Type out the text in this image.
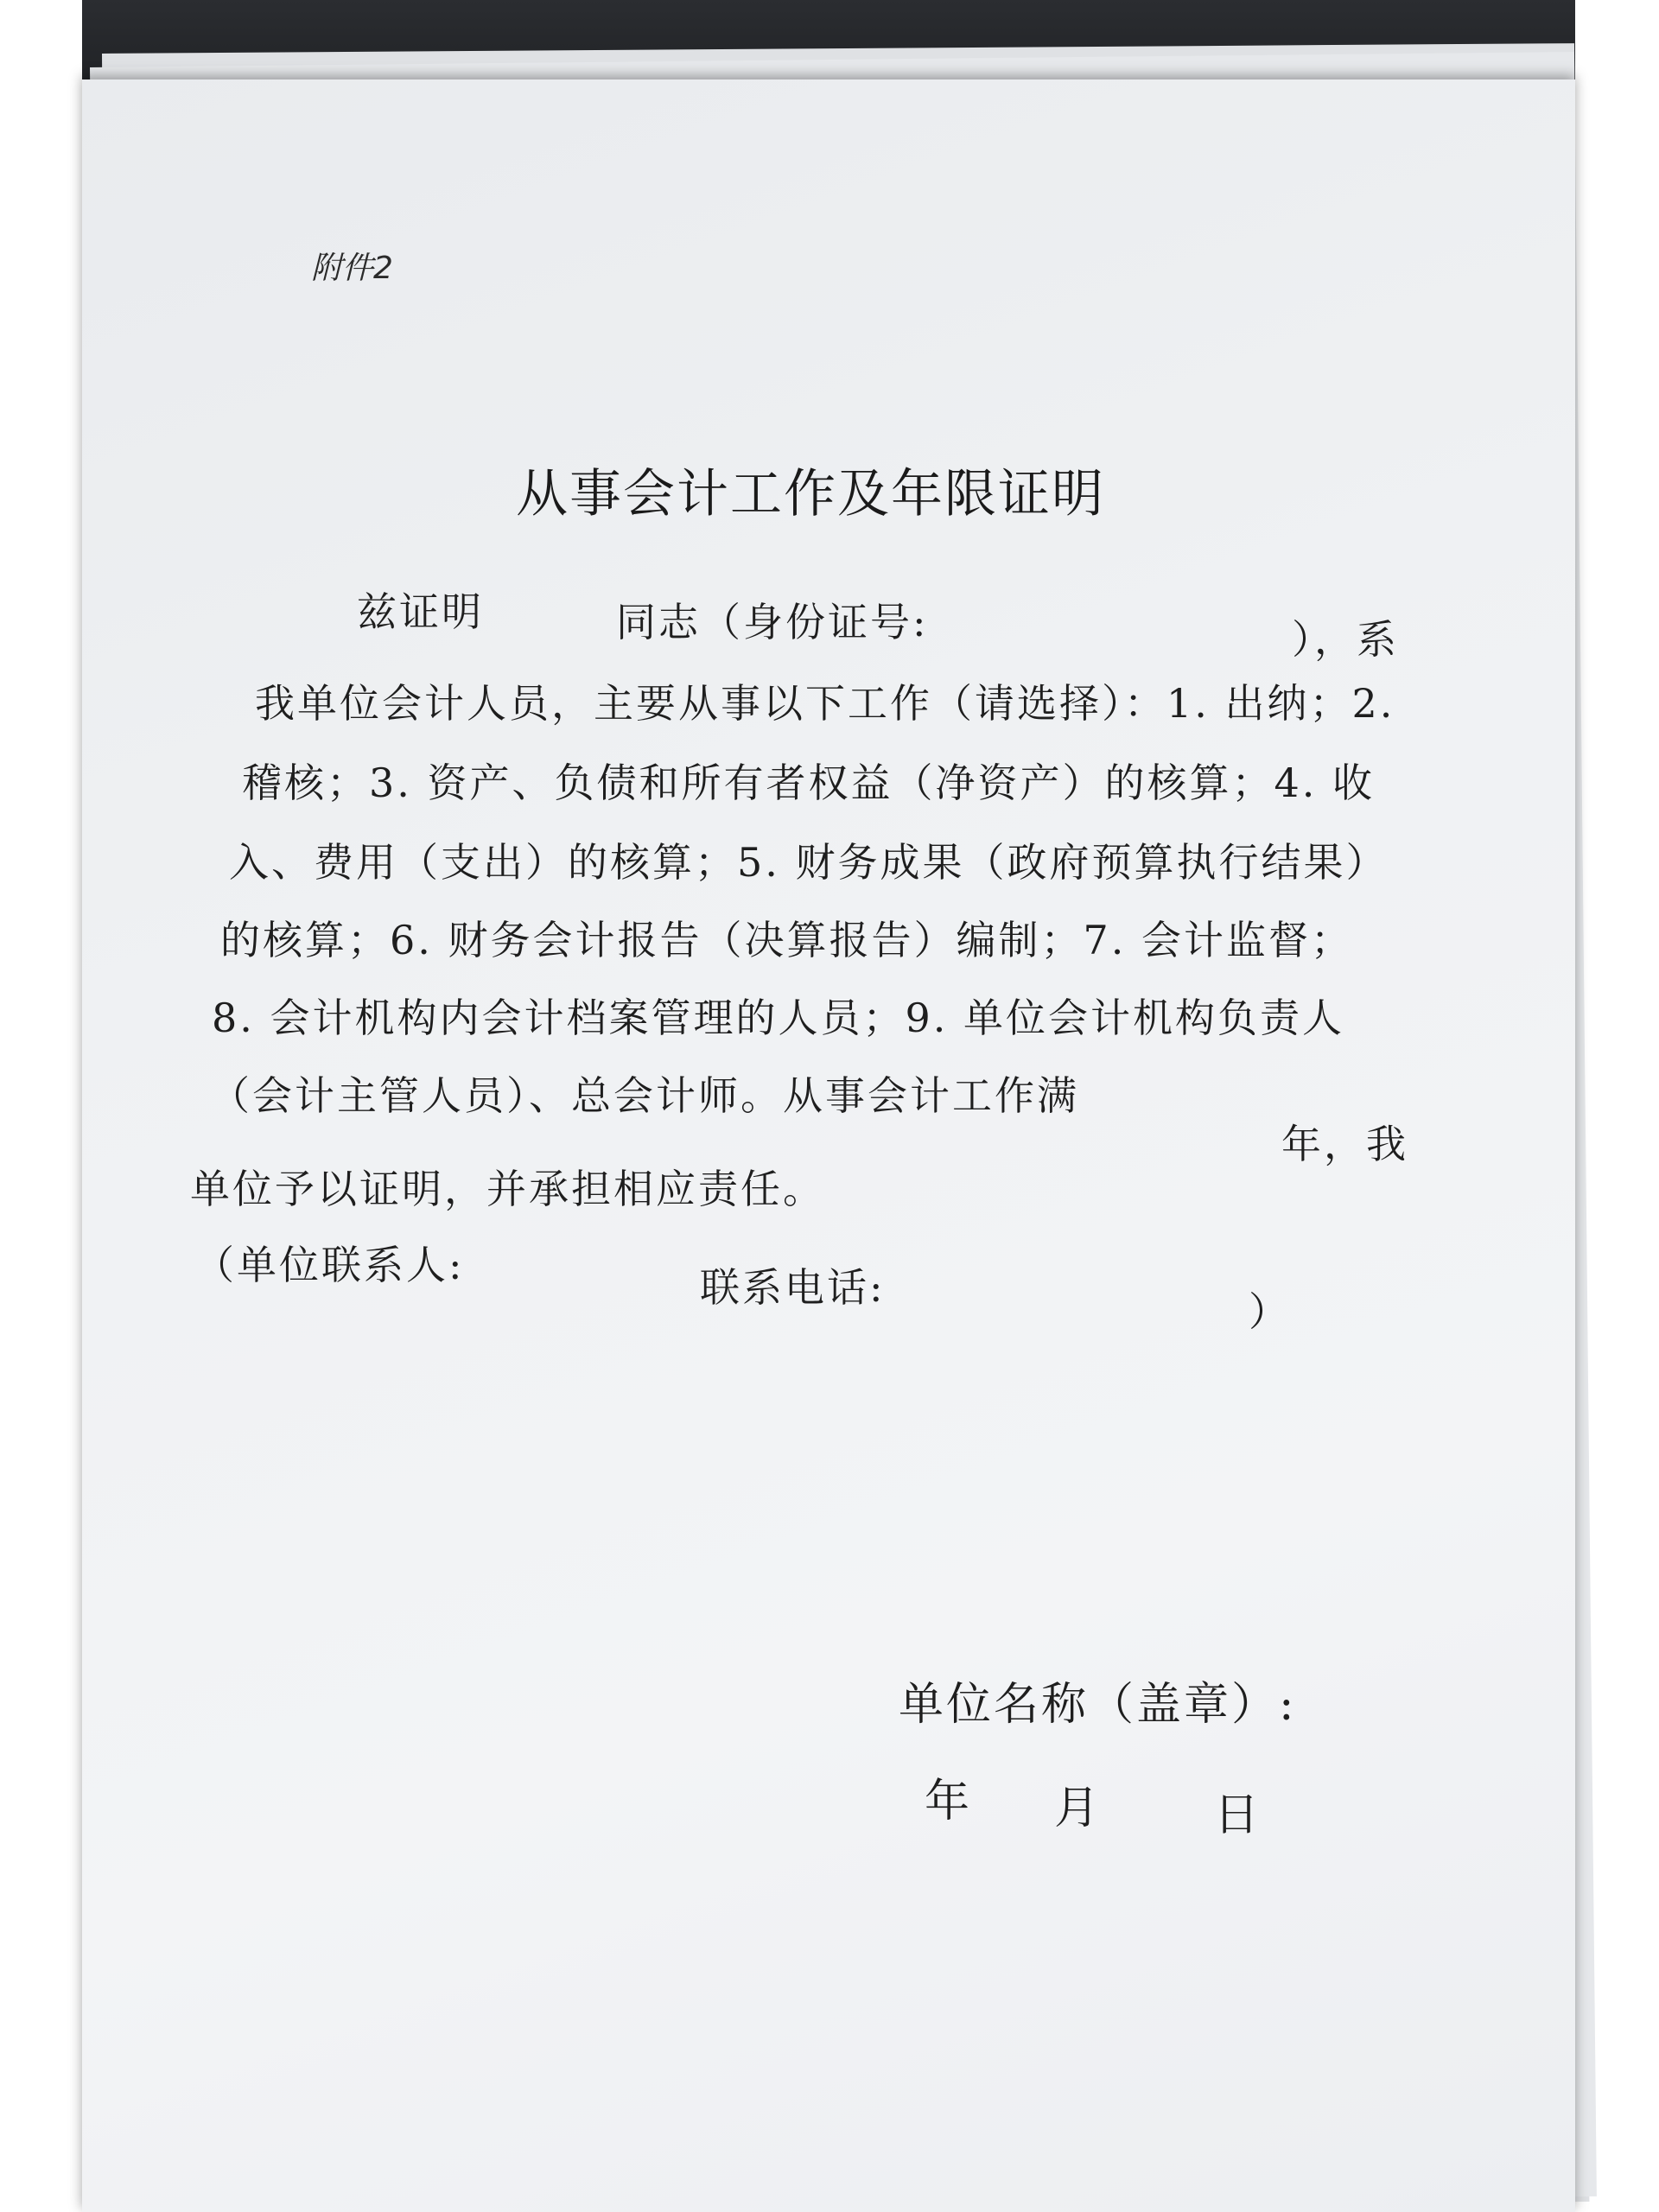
附件2
从事会计工作及年限证明
兹证明	同志（身份证号:	），系
我单位会计人员，主要从事以下工作（请选择）：1. 出纳；2.
稽核；3. 资产、负债和所有者权益（净资产）的核算；4. 收
入、费用（支出）的核算；5. 财务成果（政府预算执行结果）
的核算；6. 财务会计报告（决算报告）编制；7. 会计监督；
8. 会计机构内会计档案管理的人员；9. 单位会计机构负责人
（会计主管人员）、总会计师。从事会计工作满
年，我
单位予以证明，并承担相应责任。
（单位联系人:	联系电话:
）
单位名称（盖章）:
年 月	日
